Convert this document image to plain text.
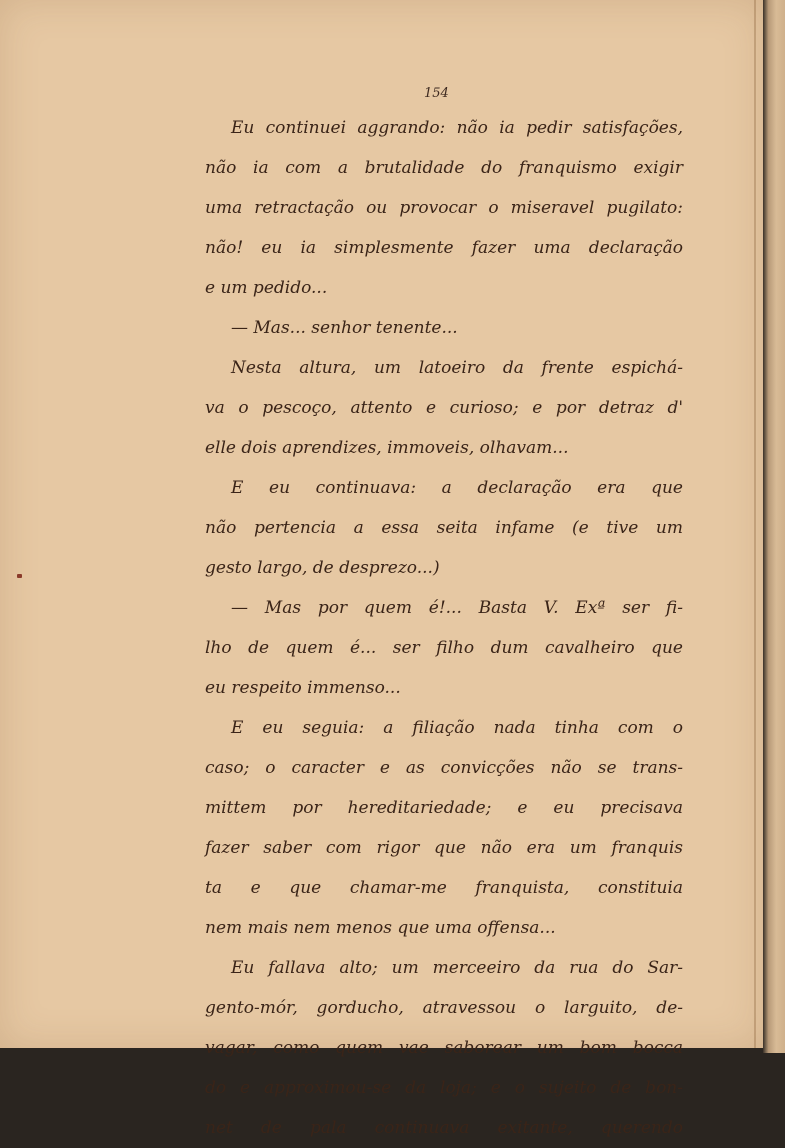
154

Eu continuei aggrando: não ia pedir satisfações,

não ia com a brutalidade do franquismo exigir

uma retractação ou provocar o miseravel pugilato:

não! eu ia simplesmente fazer uma declaração

e um pedido...

— Mas... senhor tenente...

Nesta altura, um latoeiro da frente espichá-

va o pescoço, attento e curioso; e por detraz d'

elle dois aprendizes, immoveis, olhavam...

E eu continuava: a declaração era que

não pertencia a essa seita infame (e tive um

gesto largo, de desprezo...)

— Mas por quem é!... Basta V. Exª ser fi-

lho de quem é... ser filho dum cavalheiro que

eu respeito immenso...

E eu seguia: a filiação nada tinha com o

caso; o caracter e as convicções não se trans-

mittem por hereditariedade; e eu precisava

fazer saber com rigor que não era um franquis

ta e que chamar-me franquista, constituia

nem mais nem menos que uma offensa...

Eu fallava alto; um merceeiro da rua do Sar-

gento-mór, gorducho, atravessou o larguito, de-

vagar, como quem vae saborear um bom bocca

do e approximou-se da loja; e o sujeito de bon-

net de pala continuava exitante, querendo
